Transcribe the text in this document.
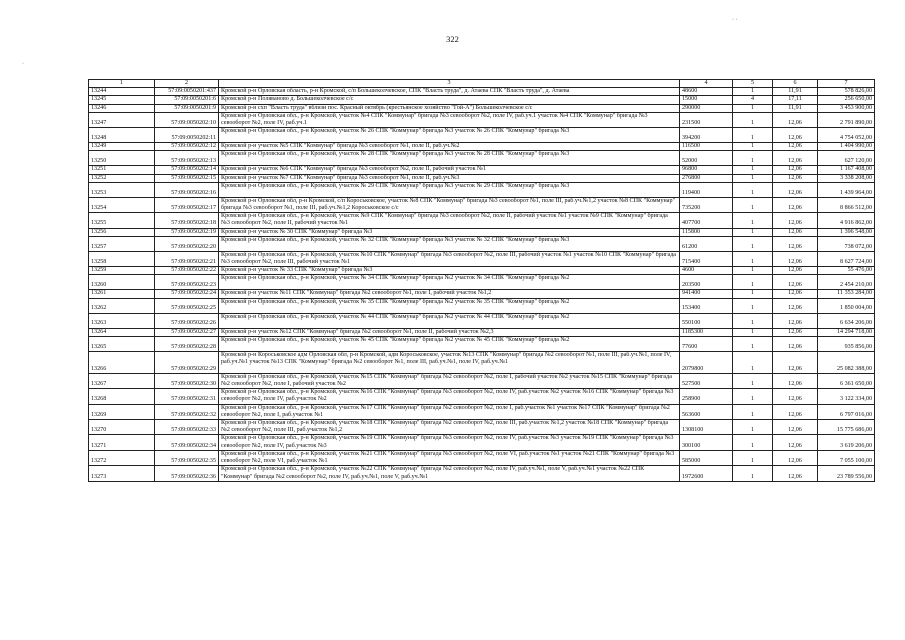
322
·
· ·
1	2	3	4	5	6	7
13244	57:09:0050201:437	Кромской р-н Орловская область, р-н Кромской, с/п Большеколчевское, СПК "Власть труда", д. Атаева СПК "Власть труда", д. Атаева	48600	1	11,91	578 826,00
13245	57:09:0050201:6	Кромской р-н Поляваново д. Большеколчевское с/с	15000	4	17,11	256 650,00
13246	57:09:0050201:9	Кромской р-н схп "Власть труда" вблизи пос. Красный октябрь (крестьянское хозяйство "Гой-А") Большеколчевское с/с	290000	1	11,91	3 453 900,00
13247	57:09:0050202:10	Кромской р-н Орловская обл., р-н Кромской, участок №4 СПК "Коммунар" бригада №3 севооборот №2, поле IV, раб.уч.1 участок №4 СПК "Коммунар" бригада №3 севооборот №2, поле IV, раб.уч.1	231500	1	12,06	2 791 890,00
13248	57:09:0050202:11	Кромской р-н Орловская обл., р-н Кромской, участок № 26 СПК "Коммунар" бригада №3 участок № 26 СПК "Коммунар" бригада №3	394200	1	12,06	4 754 052,00
13249	57:09:0050202:12	Кромской р-н участок №5 СПК "Коммунар" бригада №3 севооборот №1, поле II, раб.уч.№2	116500	1	12,06	1 404 990,00
13250	57:09:0050202:13	Кромской р-н Орловская обл., р-н Кромской, участок № 28 СПК "Коммунар" бригада №3 участок № 28 СПК "Коммунар" бригада №3	52000	1	12,06	627 120,00
13251	57:09:0050202:14	Кромской р-н участок №6 СПК "Коммунар" бригада №3 севооборот №2, поле II, рабочий участок №1	96800	1	12,06	1 167 408,00
13252	57:09:0050202:15	Кромской р-н участок №7 СПК "Коммунар" бригада №3 севооборот №1, поле II, раб.уч.№3	276800	1	12,06	3 338 208,00
13253	57:09:0050202:16	Кромской р-н Орловская обл., р-н Кромской, участок № 29 СПК "Коммунар" бригада №3 участок № 29 СПК "Коммунар" бригада №3	119400	1	12,06	1 439 964,00
13254	57:09:0050202:17	Кромской р-н Орловская обл, р-н Кромской, с/п Короськовское, участок №8 СПК "Коммунар" бригада №3 севооборот №1, поле III, раб.уч.№1,2 участок №8 СПК "Коммунар" бригада №3 севооборот №1, поле III, раб.уч.№1,2 Короськовское с/с	735200	1	12,06	8 866 512,00
13255	57:09:0050202:18	Кромской р-н Орловская обл., р-н Кромской, участок №9 СПК "Коммунар" бригада №3 севооборот №2, поле II, рабочий участок №1 участок №9 СПК "Коммунар" бригада №3 севооборот №2, поле II, рабочий участок №1	407700	1	12,06	4 916 862,00
13256	57:09:0050202:19	Кромской р-н участок № 30 СПК "Коммунар" бригада №3	115800	1	12,06	1 396 548,00
13257	57:09:0050202:20	Кромской р-н Орловская обл., р-н Кромской, участок № 32 СПК "Коммунар" бригада №3 участок № 32 СПК "Коммунар" бригада №3	61200	1	12,06	738 072,00
13258	57:09:0050202:21	Кромской р-н Орловская обл., р-н Кромской, участок №10 СПК "Коммунар" бригада №3 севооборот №2, поле III, рабочий участок №1 участок №10 СПК "Коммунар" бригада №3 севооборот №2, поле III, рабочий участок №1	715400	1	12,06	8 627 724,00
13259	57:09:0050202:22	Кромской р-н участок № 33 СПК "Коммунар" бригада №3	4600	1	12,06	55 476,00
13260	57:09:0050202:23	Кромской р-н Орловская обл., р-н Кромской, участок № 34 СПК "Коммунар" бригада №2 участок № 34 СПК "Коммунар" бригада №2	203500	1	12,06	2 454 210,00
13261	57:09:0050202:24	Кромской р-н участок №11 СПК "Коммунар" бригада №2 севооборот №1, поле I, рабочий участок №1,2	941400	1	12,06	11 353 284,00
13262	57:09:0050202:25	Кромской р-н Орловская обл., р-н Кромской, участок № 35 СПК "Коммунар" бригада №2 участок № 35 СПК "Коммунар" бригада №2	153400	1	12,06	1 850 004,00
13263	57:09:0050202:26	Кромской р-н Орловская обл., р-н Кромской, участок № 44 СПК "Коммунар" бригада №2 участок № 44 СПК "Коммунар" бригада №2	550100	1	12,06	6 634 206,00
13264	57:09:0050202:27	Кромской р-н участок №12 СПК "Коммунар" бригада №2 севооборот №1, поле II, рабочий участок №2,3	1185300	1	12,06	14 294 718,00
13265	57:09:0050202:28	Кромской р-н Орловская обл., р-н Кромской, участок № 45 СПК "Коммунар" бригада №2 участок № 45 СПК "Коммунар" бригада №2	77600	1	12,06	935 856,00
13266	57:09:0050202:29	Кромской р-н Короськовское адм Орловская обл, р-н Кромской, адм Короськовское, участок №13 СПК "Коммунар" бригада №2 севооборот №1, поле III, раб.уч.№1, поле IV, раб.уч.№1 участок №13 СПК "Коммунар" бригада №2 севооборот №1, поле III, раб.уч.№1, поле IV, раб.уч.№1	2079800	1	12,06	25 082 388,00
13267	57:09:0050202:30	Кромской р-н Орловская обл., р-н Кромской, участок №15 СПК "Коммунар" бригада №2 севооборот №2, поле I, рабочий участок №2 участок №15 СПК "Коммунар" бригада №2 севооборот №2, поле I, рабочий участок №2	527500	1	12,06	6 361 650,00
13268	57:09:0050202:31	Кромской р-н Орловская обл., р-н Кромской, участок №16 СПК "Коммунар" бригада №3 севооборот №2, поле IV, раб.участок №2 участок №16 СПК "Коммунар" бригада №3 севооборот №2, поле IV, раб.участок №2	258900	1	12,06	3 122 334,00
13269	57:09:0050202:32	Кромской р-н Орловская обл., р-н Кромской, участок №17 СПК "Коммунар" бригада №2 севооборот №2, поле I, раб.участок №1 участок №17 СПК "Коммунар" бригада №2 севооборот №2, поле I, раб.участок №1	563600	1	12,06	6 797 016,00
13270	57:09:0050202:33	Кромской р-н Орловская обл., р-н Кромской, участок №18 СПК "Коммунар" бригада №2 севооборот №2, поле III, раб.участок №1,2 участок №18 СПК "Коммунар" бригада №2 севооборот №2, поле III, раб.участок №1,2	1308100	1	12,06	15 775 686,00
13271	57:09:0050202:34	Кромской р-н Орловская обл., р-н Кромской, участок №19 СПК "Коммунар" бригада №3 севооборот №2, поле IV, раб.участок №3 участок №19 СПК "Коммунар" бригада №3 севооборот №2, поле IV, раб.участок №3	300100	1	12,06	3 619 206,00
13272	57:09:0050202:35	Кромской р-н Орловская обл., р-н Кромской, участок №21 СПК "Коммунар" бригада №3 севооборот №2, поле VI, раб.участок №1 участок №21 СПК "Коммунар" бригада №3 севооборот №2, поле VI, раб.участок №1	585000	1	12,06	7 055 100,00
13273	57:09:0050202:36	Кромской р-н Орловская обл., р-н Кромской, участок №22 СПК "Коммунар" бригада №2 севооборот №2, поле IV, раб.уч.№1, поле V, раб.уч.№1 участок №22 СПК "Коммунар" бригада №2 севооборот №2, поле IV, раб.уч.№1, поле V, раб.уч.№1	1972600	1	12,06	23 789 556,00
